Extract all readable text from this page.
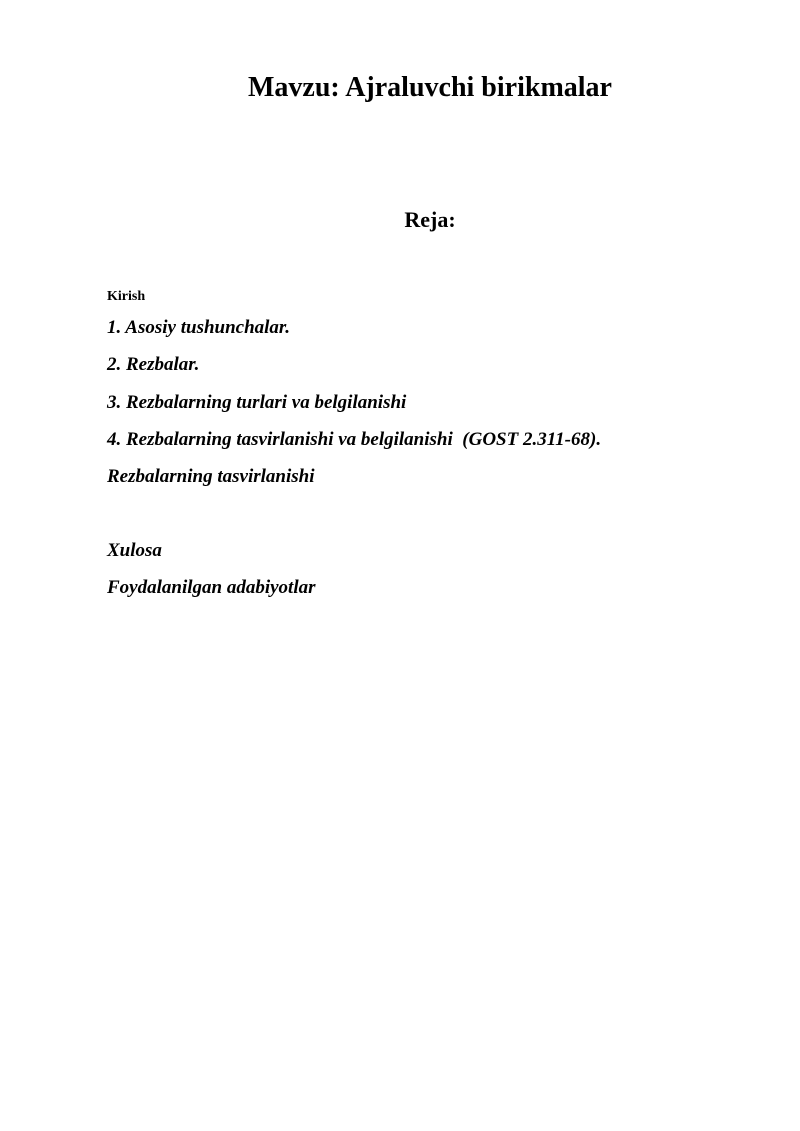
Mavzu: Ajraluvchi birikmalar
Reja:
Kirish
1. Asosiy tushunchalar.
2. Rezbalar.
3. Rezbalarning turlari va belgilanishi
4. Rezbalarning tasvirlanishi va belgilanishi  (GOST 2.311-68).
Rezbalarning tasvirlanishi
Xulosa
Foydalanilgan adabiyotlar
